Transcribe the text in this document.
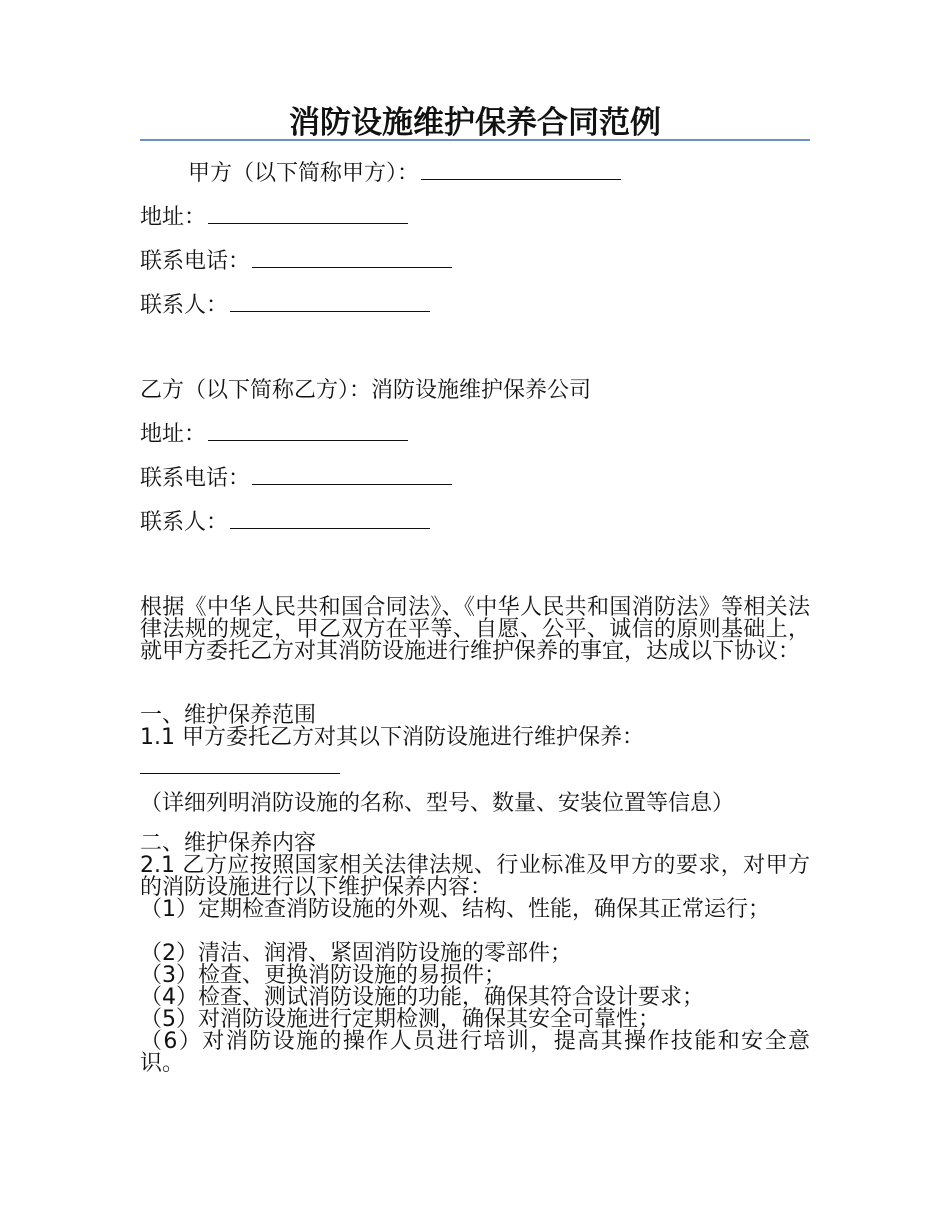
消防设施维护保养合同范例
甲方（以下简称甲方）：
地址：
联系电话：
联系人：
乙方（以下简称乙方）：消防设施维护保养公司
地址：
联系电话：
联系人：
根据《中华人民共和国合同法》、《中华人民共和国消防法》等相关法律法规的规定，甲乙双方在平等、自愿、公平、诚信的原则基础上，就甲方委托乙方对其消防设施进行维护保养的事宜，达成以下协议：
一、维护保养范围
1.1 甲方委托乙方对其以下消防设施进行维护保养：
（详细列明消防设施的名称、型号、数量、安装位置等信息）
二、维护保养内容
2.1 乙方应按照国家相关法律法规、行业标准及甲方的要求，对甲方的消防设施进行以下维护保养内容：
（1）定期检查消防设施的外观、结构、性能，确保其正常运行；
（2）清洁、润滑、紧固消防设施的零部件；
（3）检查、更换消防设施的易损件；
（4）检查、测试消防设施的功能，确保其符合设计要求；
（5）对消防设施进行定期检测，确保其安全可靠性；
（6）对消防设施的操作人员进行培训，提高其操作技能和安全意识。
